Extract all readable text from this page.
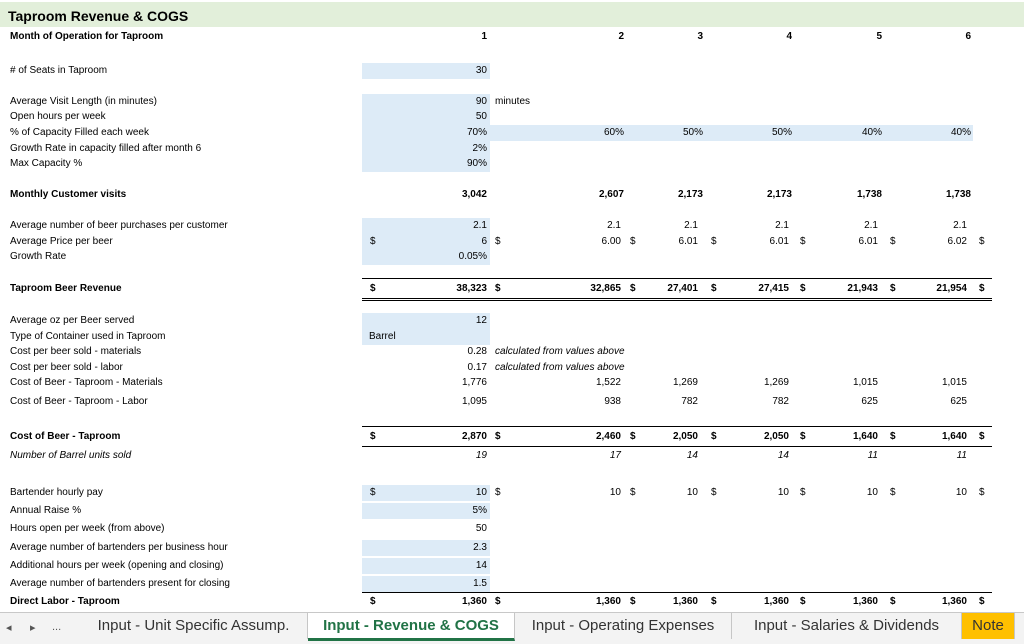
Taproom Revenue & COGS
Month of Operation for Taproom	1	2	3	4	5	6
# of Seats in Taproom	30
Average Visit Length (in minutes)	90 minutes
Open hours per week	50
% of Capacity Filled each week	70%	60%	50%	50%	40%	40%
Growth Rate in capacity filled after month 6	2%
Max Capacity %	90%
Monthly Customer visits	3,042	2,607	2,173	2,173	1,738	1,738
Average number of beer purchases per customer	2.1	2.1	2.1	2.1	2.1	2.1
Average Price per beer	$	6 $	6.00 $	6.01 $	6.01 $	6.01 $	6.02 $
Growth Rate	0.05%
Taproom Beer Revenue	$	38,323 $	32,865 $	27,401 $	27,415 $	21,943 $	21,954 $
Average oz per Beer served	12
Type of Container used in Taproom	Barrel
Cost per beer sold - materials	0.28 calculated from values above
Cost per beer sold - labor	0.17 calculated from values above
Cost of Beer - Taproom - Materials	1,776	1,522	1,269	1,269	1,015	1,015
Cost of Beer - Taproom - Labor	1,095	938	782	782	625	625
Cost of Beer - Taproom	$	2,870 $	2,460 $	2,050 $	2,050 $	1,640 $	1,640 $
Number of Barrel units sold	19	17	14	14	11	11
Bartender hourly pay	$	10 $	10 $	10 $	10 $	10 $	10 $
Annual Raise %	5%
Hours open per week (from above)	50
Average number of bartenders per business hour	2.3
Additional hours per week (opening and closing)	14
Average number of bartenders present for closing	1.5
Direct Labor - Taproom	$	1,360 $	1,360 $	1,360 $	1,360 $	1,360 $	1,360 $
◂ ▸ ...	Input - Unit Specific Assump.	Input - Revenue & COGS	Input - Operating Expenses	Input - Salaries & Dividends	Note
